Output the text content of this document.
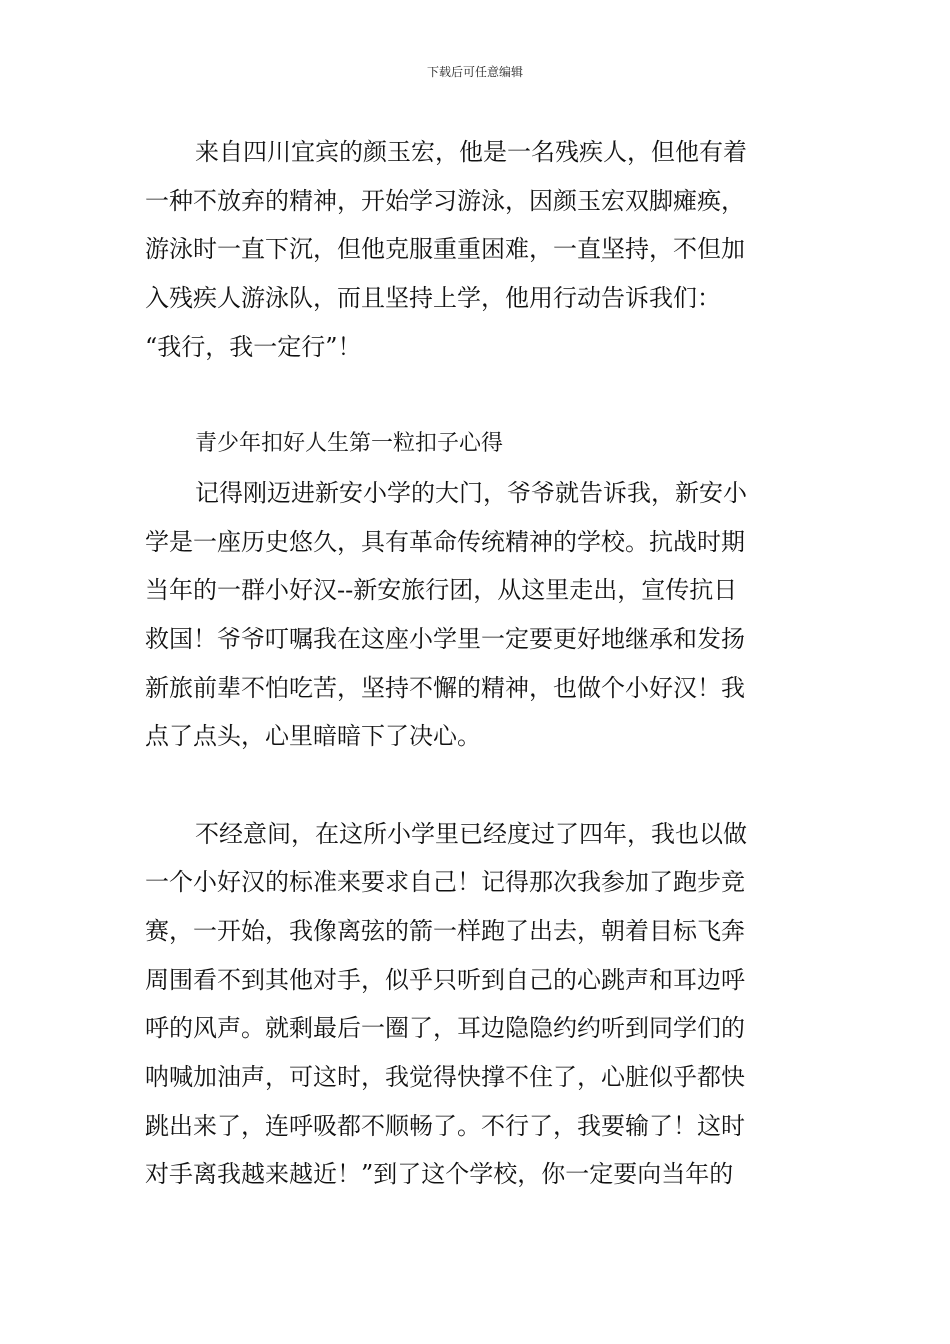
下载后可任意编辑
来自四川宜宾的颜玉宏，他是一名残疾人，但他有着
一种不放弃的精神，开始学习游泳，因颜玉宏双脚瘫痪，
游泳时一直下沉，但他克服重重困难，一直坚持，不但加
入残疾人游泳队，而且坚持上学，他用行动告诉我们：
“我行，我一定行”！
青少年扣好人生第一粒扣子心得
记得刚迈进新安小学的大门，爷爷就告诉我，新安小
学是一座历史悠久，具有革命传统精神的学校。抗战时期
当年的一群小好汉--新安旅行团，从这里走出，宣传抗日
救国！爷爷叮嘱我在这座小学里一定要更好地继承和发扬
新旅前辈不怕吃苦，坚持不懈的精神，也做个小好汉！我
点了点头，心里暗暗下了决心。
不经意间，在这所小学里已经度过了四年，我也以做
一个小好汉的标准来要求自己！记得那次我参加了跑步竞
赛，一开始，我像离弦的箭一样跑了出去，朝着目标飞奔
周围看不到其他对手，似乎只听到自己的心跳声和耳边呼
呼的风声。就剩最后一圈了，耳边隐隐约约听到同学们的
呐喊加油声，可这时，我觉得快撑不住了，心脏似乎都快
跳出来了，连呼吸都不顺畅了。不行了，我要输了！这时
对手离我越来越近！”到了这个学校，你一定要向当年的
